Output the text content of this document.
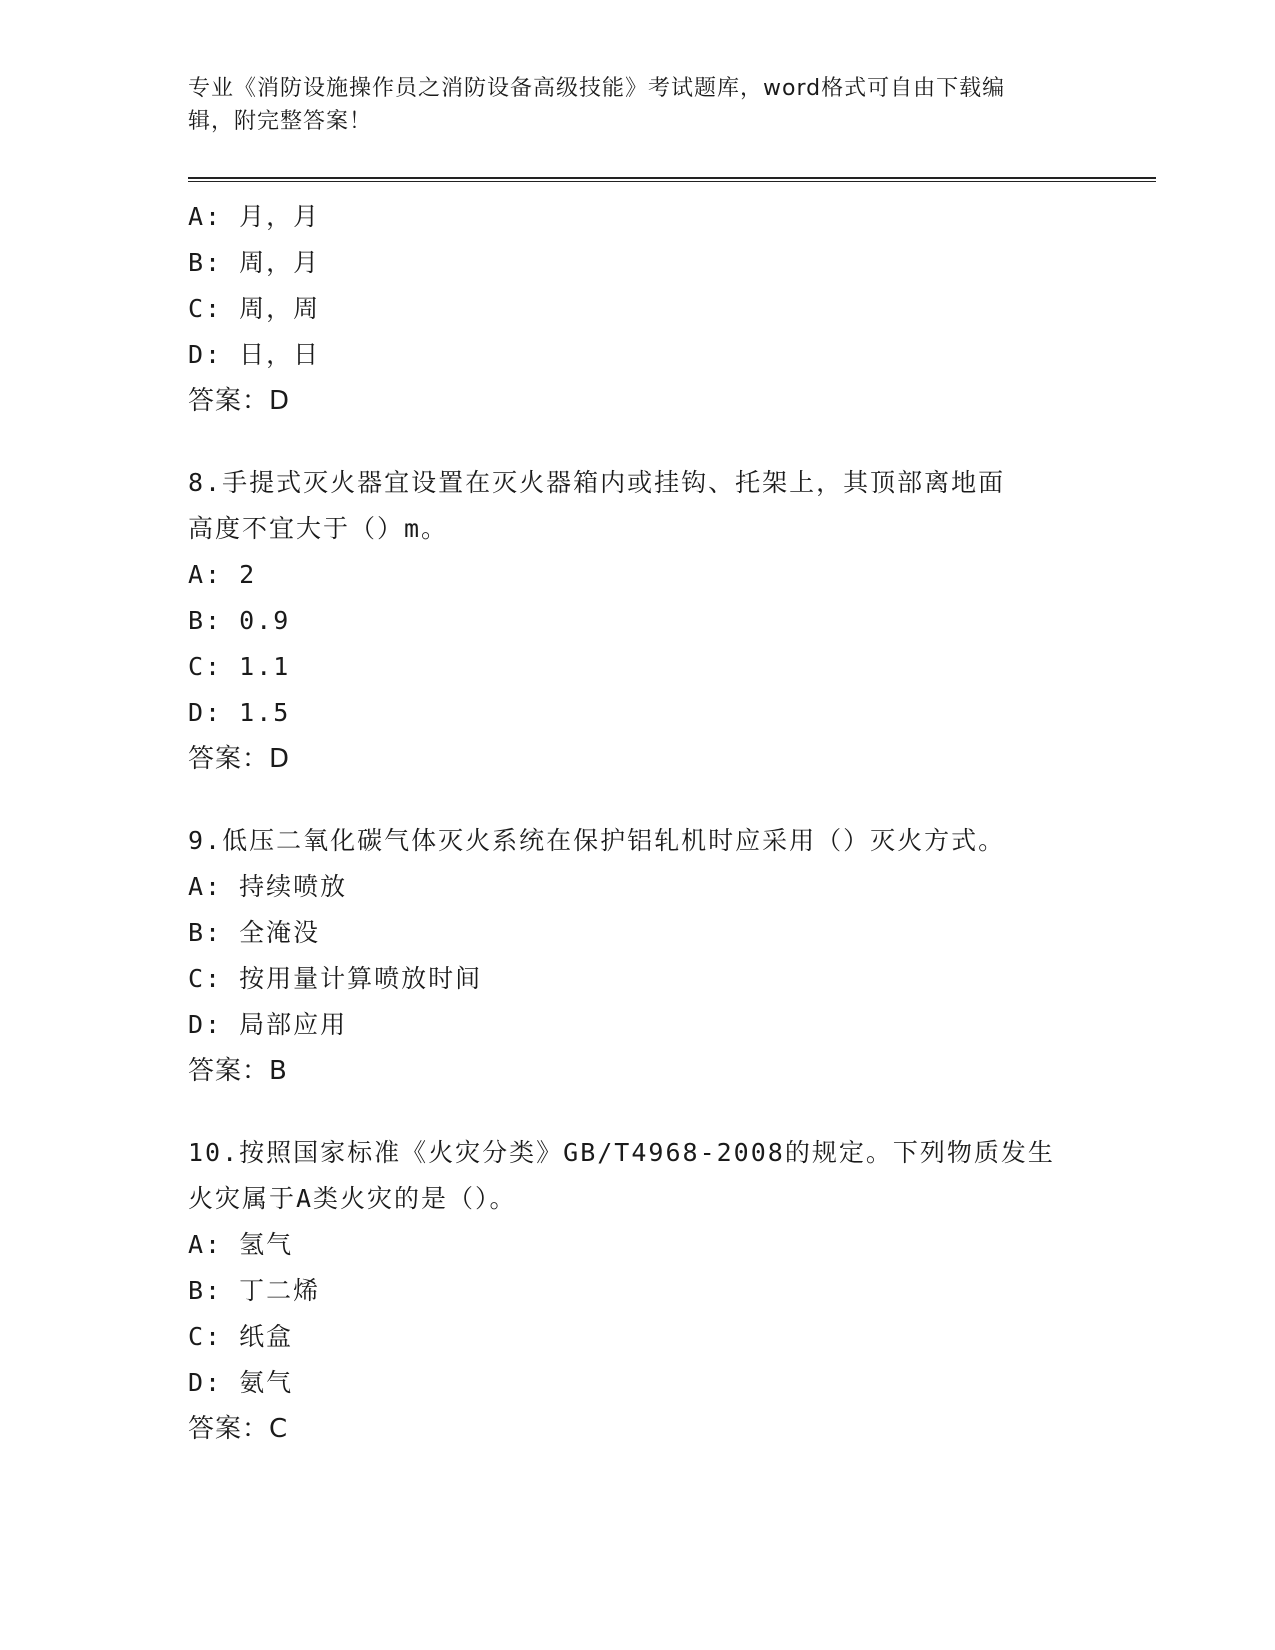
专业《消防设施操作员之消防设备高级技能》考试题库，word格式可自由下载编
辑，附完整答案！
A: 月，月
B: 周，月
C: 周，周
D: 日，日
答案：D
8.手提式灭火器宜设置在灭火器箱内或挂钩、托架上，其顶部离地面
高度不宜大于（）m。
A: 2
B: 0.9
C: 1.1
D: 1.5
答案：D
9.低压二氧化碳气体灭火系统在保护铝轧机时应采用（）灭火方式。
A: 持续喷放
B: 全淹没
C: 按用量计算喷放时间
D: 局部应用
答案：B
10.按照国家标准《火灾分类》GB/T4968-2008的规定。下列物质发生
火灾属于A类火灾的是（）。
A: 氢气
B: 丁二烯
C: 纸盒
D: 氨气
答案：C
